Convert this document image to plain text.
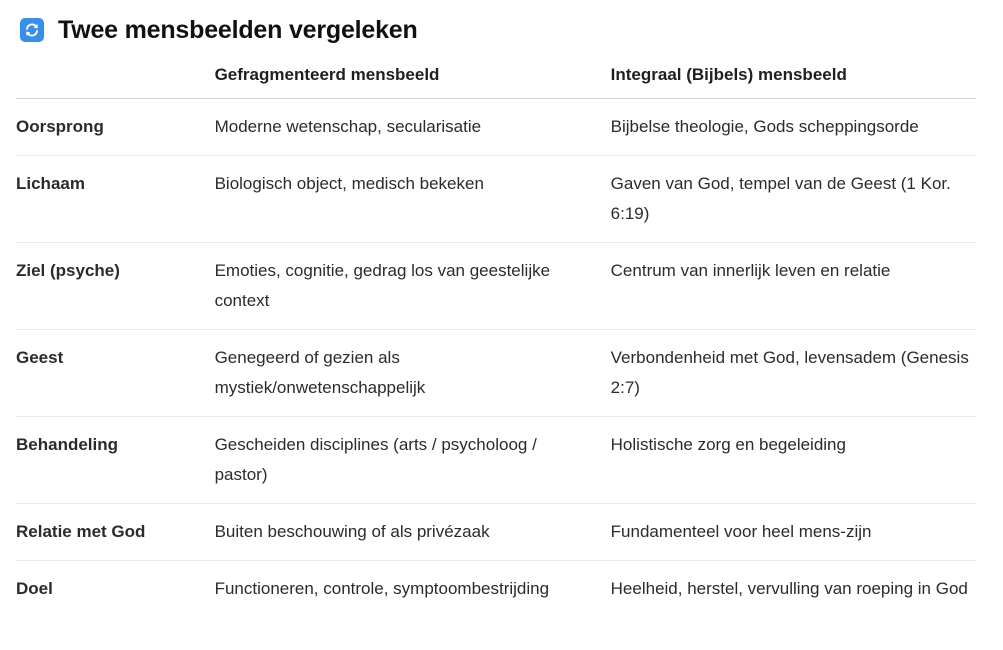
Twee mensbeelden vergeleken
	Gefragmenteerd mensbeeld	Integraal (Bijbels) mensbeeld
Oorsprong	Moderne wetenschap, secularisatie	Bijbelse theologie, Gods scheppingsorde
Lichaam	Biologisch object, medisch bekeken	Gaven van God, tempel van de Geest (1 Kor. 6:19)
Ziel (psyche)	Emoties, cognitie, gedrag los van geestelijke context	Centrum van innerlijk leven en relatie
Geest	Genegeerd of gezien als mystiek/onwetenschappelijk	Verbondenheid met God, levensadem (Genesis 2:7)
Behandeling	Gescheiden disciplines (arts / psycholoog / pastor)	Holistische zorg en begeleiding
Relatie met God	Buiten beschouwing of als privézaak	Fundamenteel voor heel mens-zijn
Doel	Functioneren, controle, symptoombestrijding	Heelheid, herstel, vervulling van roeping in God
